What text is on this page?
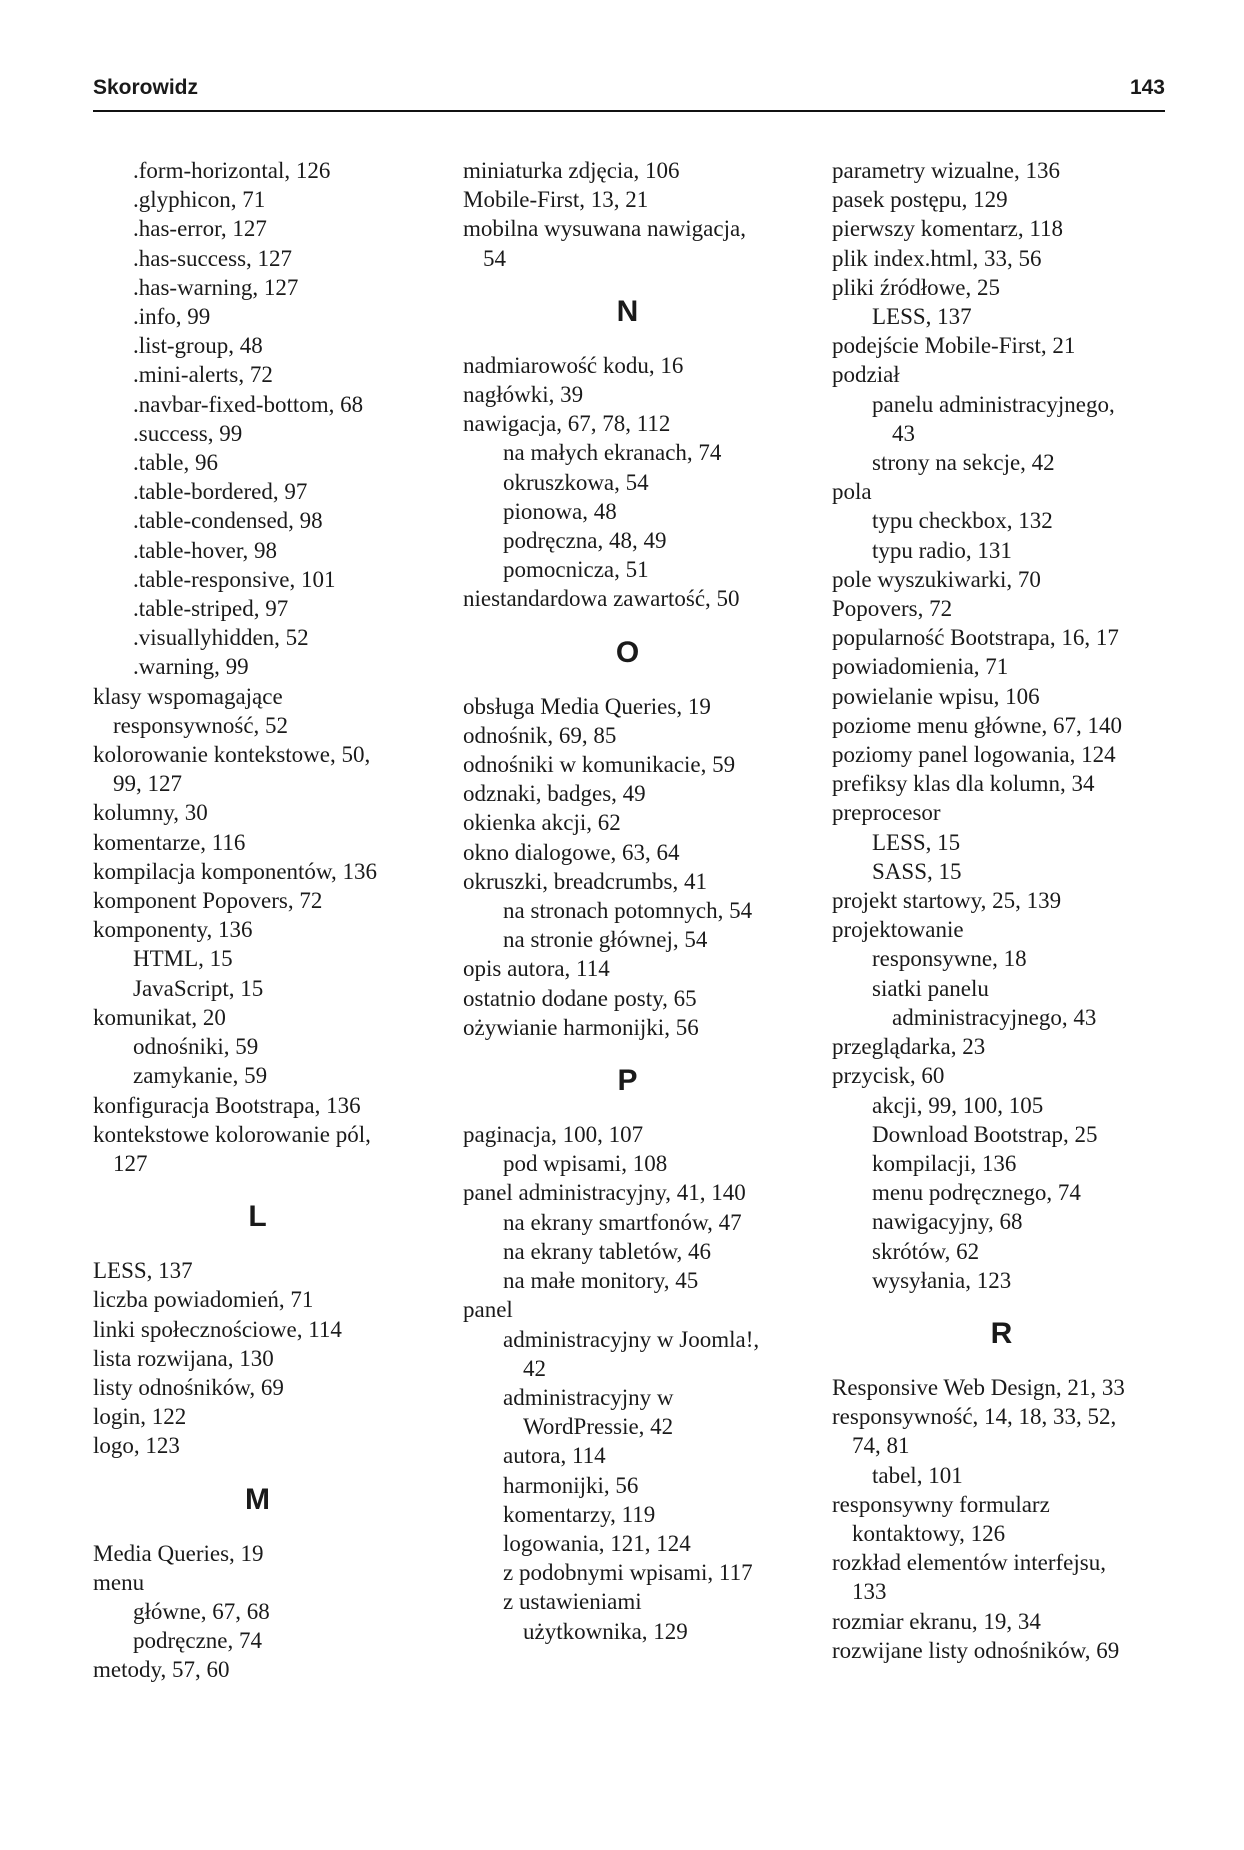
Skorowidz	143
.form-horizontal, 126
.glyphicon, 71
.has-error, 127
.has-success, 127
.has-warning, 127
.info, 99
.list-group, 48
.mini-alerts, 72
.navbar-fixed-bottom, 68
.success, 99
.table, 96
.table-bordered, 97
.table-condensed, 98
.table-hover, 98
.table-responsive, 101
.table-striped, 97
.visuallyhidden, 52
.warning, 99
klasy wspomagające
responsywność, 52
kolorowanie kontekstowe, 50,
99, 127
kolumny, 30
komentarze, 116
kompilacja komponentów, 136
komponent Popovers, 72
komponenty, 136
HTML, 15
JavaScript, 15
komunikat, 20
odnośniki, 59
zamykanie, 59
konfiguracja Bootstrapa, 136
kontekstowe kolorowanie pól,
127
L
LESS, 137
liczba powiadomień, 71
linki społecznościowe, 114
lista rozwijana, 130
listy odnośników, 69
login, 122
logo, 123
M
Media Queries, 19
menu
główne, 67, 68
podręczne, 74
metody, 57, 60
miniaturka zdjęcia, 106
Mobile-First, 13, 21
mobilna wysuwana nawigacja,
54
N
nadmiarowość kodu, 16
nagłówki, 39
nawigacja, 67, 78, 112
na małych ekranach, 74
okruszkowa, 54
pionowa, 48
podręczna, 48, 49
pomocnicza, 51
niestandardowa zawartość, 50
O
obsługa Media Queries, 19
odnośnik, 69, 85
odnośniki w komunikacie, 59
odznaki, badges, 49
okienka akcji, 62
okno dialogowe, 63, 64
okruszki, breadcrumbs, 41
na stronach potomnych, 54
na stronie głównej, 54
opis autora, 114
ostatnio dodane posty, 65
ożywianie harmonijki, 56
P
paginacja, 100, 107
pod wpisami, 108
panel administracyjny, 41, 140
na ekrany smartfonów, 47
na ekrany tabletów, 46
na małe monitory, 45
panel
administracyjny w Joomla!,
42
administracyjny w
WordPressie, 42
autora, 114
harmonijki, 56
komentarzy, 119
logowania, 121, 124
z podobnymi wpisami, 117
z ustawieniami
użytkownika, 129
parametry wizualne, 136
pasek postępu, 129
pierwszy komentarz, 118
plik index.html, 33, 56
pliki źródłowe, 25
LESS, 137
podejście Mobile-First, 21
podział
panelu administracyjnego,
43
strony na sekcje, 42
pola
typu checkbox, 132
typu radio, 131
pole wyszukiwarki, 70
Popovers, 72
popularność Bootstrapa, 16, 17
powiadomienia, 71
powielanie wpisu, 106
poziome menu główne, 67, 140
poziomy panel logowania, 124
prefiksy klas dla kolumn, 34
preprocesor
LESS, 15
SASS, 15
projekt startowy, 25, 139
projektowanie
responsywne, 18
siatki panelu
administracyjnego, 43
przeglądarka, 23
przycisk, 60
akcji, 99, 100, 105
Download Bootstrap, 25
kompilacji, 136
menu podręcznego, 74
nawigacyjny, 68
skrótów, 62
wysyłania, 123
R
Responsive Web Design, 21, 33
responsywność, 14, 18, 33, 52,
74, 81
tabel, 101
responsywny formularz
kontaktowy, 126
rozkład elementów interfejsu,
133
rozmiar ekranu, 19, 34
rozwijane listy odnośników, 69
